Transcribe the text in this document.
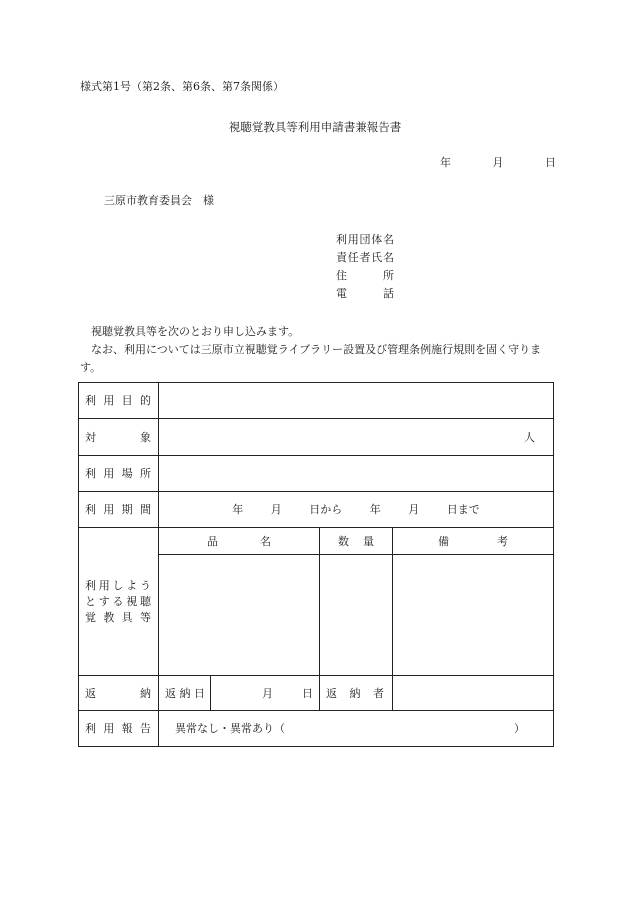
様式第1号（第2条、第6条、第7条関係）
視聴覚教具等利用申請書兼報告書
年	月	日
三原市教育委員会　様
利用団体名
責任者氏名
住　　所
電　　話

視聴覚教具等を次のとおり申し込みます。

なお、利用については三原市立視聴覚ライブラリー設置及び管理条例施行規則を固く守ります。

利用目的				
対象	人			
利用場所				
利用期間	年 月 日から 年 月 日まで			

利用しよう
とする視聴
覚教具等	品名		数量	備考

返納	返納日	月 日	返納者	
利用報告	異常なし・異常あり（ ）			
